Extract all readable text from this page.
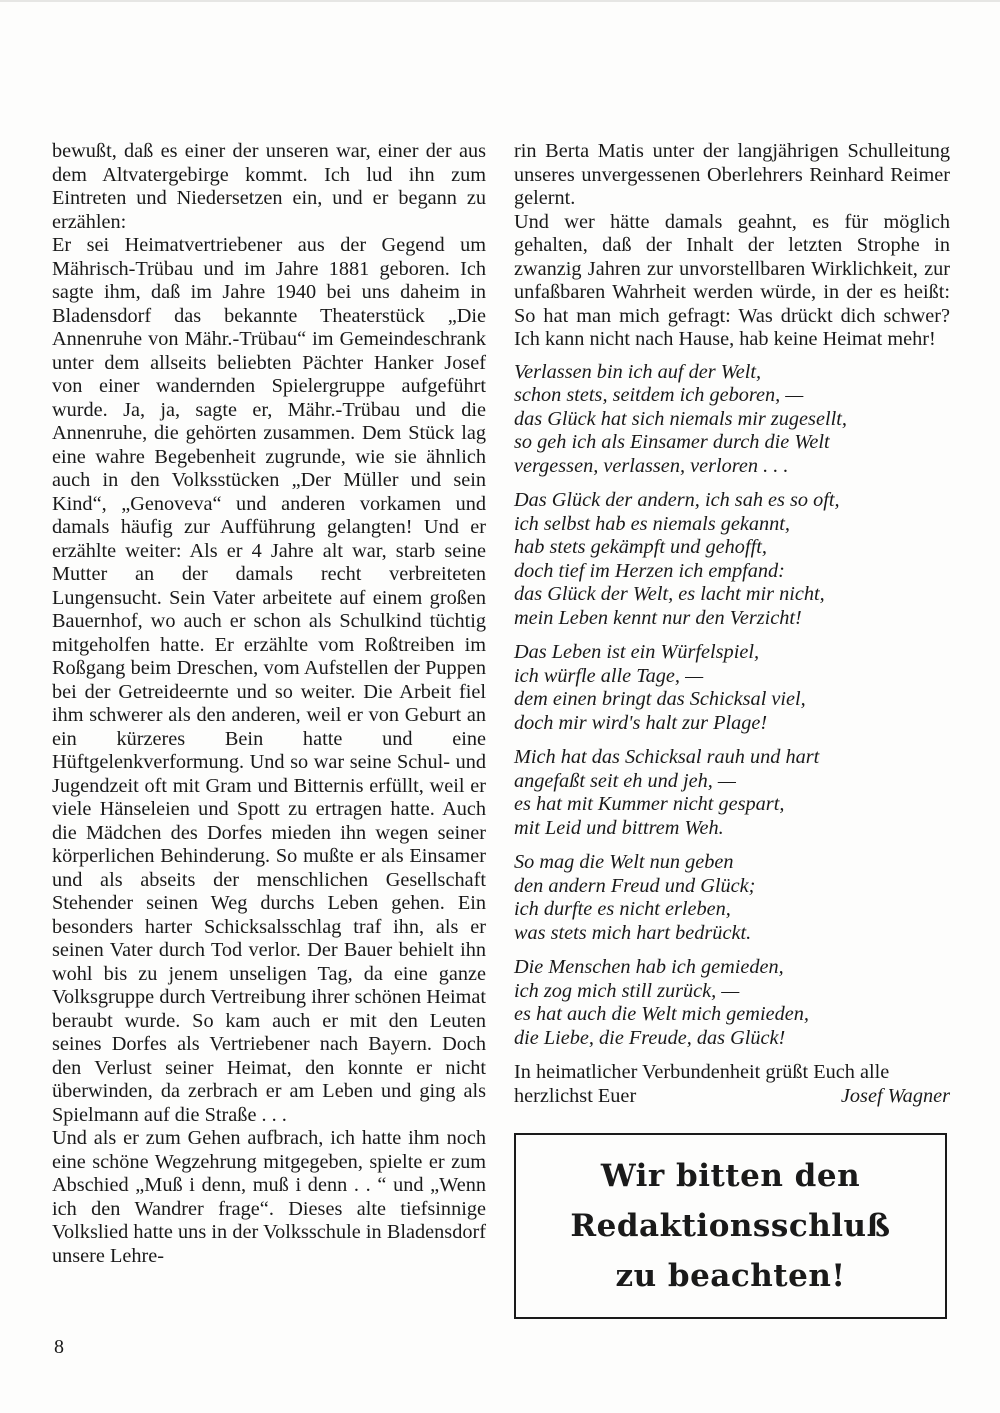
bewußt, daß es einer der unseren war, einer der aus dem Altvatergebirge kommt. Ich lud ihn zum Eintreten und Niedersetzen ein, und er begann zu erzählen:
Er sei Heimatvertriebener aus der Gegend um Mährisch-Trübau und im Jahre 1881 geboren. Ich sagte ihm, daß im Jahre 1940 bei uns daheim in Bladensdorf das bekannte Theaterstück „Die Annenruhe von Mähr.-Trübau“ im Gemeindeschrank unter dem allseits beliebten Pächter Hanker Josef von einer wandernden Spielergruppe aufgeführt wurde. Ja, ja, sagte er, Mähr.-Trübau und die Annenruhe, die gehörten zusammen. Dem Stück lag eine wahre Begebenheit zugrunde, wie sie ähnlich auch in den Volksstücken „Der Müller und sein Kind“, „Genoveva“ und anderen vorkamen und damals häufig zur Aufführung gelangten! Und er erzählte weiter: Als er 4 Jahre alt war, starb seine Mutter an der damals recht verbreiteten Lungensucht. Sein Vater arbeitete auf einem großen Bauernhof, wo auch er schon als Schulkind tüchtig mitgeholfen hatte. Er erzählte vom Roßtreiben im Roßgang beim Dreschen, vom Aufstellen der Puppen bei der Getreideernte und so weiter. Die Arbeit fiel ihm schwerer als den anderen, weil er von Geburt an ein kürzeres Bein hatte und eine Hüftgelenkverformung. Und so war seine Schul- und Jugendzeit oft mit Gram und Bitternis erfüllt, weil er viele Hänseleien und Spott zu ertragen hatte. Auch die Mädchen des Dorfes mieden ihn wegen seiner körperlichen Behinderung. So mußte er als Einsamer und als abseits der menschlichen Gesellschaft Stehender seinen Weg durchs Leben gehen. Ein besonders harter Schicksalsschlag traf ihn, als er seinen Vater durch Tod verlor. Der Bauer behielt ihn wohl bis zu jenem unseligen Tag, da eine ganze Volksgruppe durch Vertreibung ihrer schönen Heimat beraubt wurde. So kam auch er mit den Leuten seines Dorfes als Vertriebener nach Bayern. Doch den Verlust seiner Heimat, den konnte er nicht überwinden, da zerbrach er am Leben und ging als Spielmann auf die Straße . . .
Und als er zum Gehen aufbrach, ich hatte ihm noch eine schöne Wegzehrung mitgegeben, spielte er zum Abschied „Muß i denn, muß i denn . . “ und „Wenn ich den Wandrer frage“. Dieses alte tiefsinnige Volkslied hatte uns in der Volksschule in Bladensdorf unsere Lehre-

rin Berta Matis unter der langjährigen Schulleitung unseres unvergessenen Oberlehrers Reinhard Reimer gelernt.
Und wer hätte damals geahnt, es für möglich gehalten, daß der Inhalt der letzten Strophe in zwanzig Jahren zur unvorstellbaren Wirklichkeit, zur unfaßbaren Wahrheit werden würde, in der es heißt: So hat man mich gefragt: Was drückt dich schwer? Ich kann nicht nach Hause, hab keine Heimat mehr!

Verlassen bin ich auf der Welt,
schon stets, seitdem ich geboren, —
das Glück hat sich niemals mir zugesellt,
so geh ich als Einsamer durch die Welt
vergessen, verlassen, verloren . . .
Das Glück der andern, ich sah es so oft,
ich selbst hab es niemals gekannt,
hab stets gekämpft und gehofft,
doch tief im Herzen ich empfand:
das Glück der Welt, es lacht mir nicht,
mein Leben kennt nur den Verzicht!
Das Leben ist ein Würfelspiel,
ich würfle alle Tage, —
dem einen bringt das Schicksal viel,
doch mir wird's halt zur Plage!
Mich hat das Schicksal rauh und hart
angefaßt seit eh und jeh, —
es hat mit Kummer nicht gespart,
mit Leid und bittrem Weh.
So mag die Welt nun geben
den andern Freud und Glück;
ich durfte es nicht erleben,
was stets mich hart bedrückt.
Die Menschen hab ich gemieden,
ich zog mich still zurück, —
es hat auch die Welt mich gemieden,
die Liebe, die Freude, das Glück!

In heimatlicher Verbundenheit grüßt Euch alle

herzlichst Euer	Josef Wagner
Wir bitten den
Redaktionsschluß
zu beachten!
8
